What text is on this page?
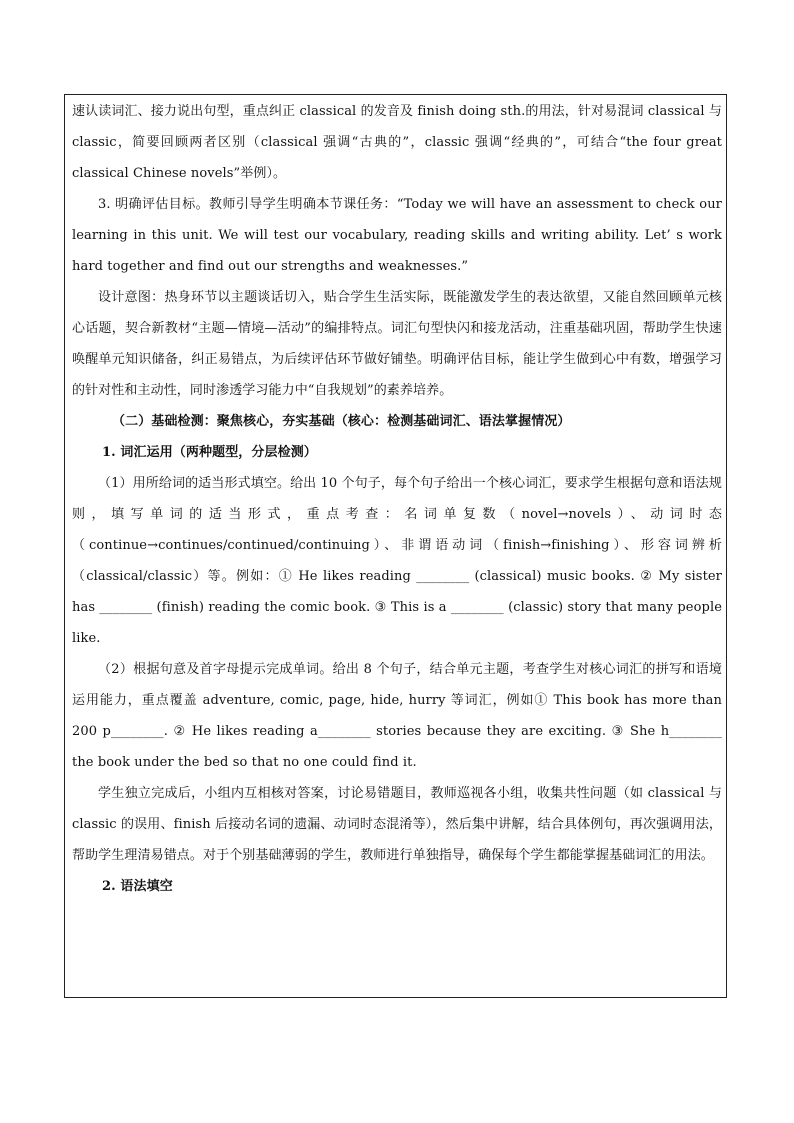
速认读词汇、接力说出句型，重点纠正 classical 的发音及 finish doing sth.的用法，针对易混词 classical 与 classic，简要回顾两者区别（classical 强调“古典的”，classic 强调“经典的”，可结合“the four great classical Chinese novels”举例）。

3. 明确评估目标。教师引导学生明确本节课任务：“Today we will have an assessment to check our learning in this unit. We will test our vocabulary, reading skills and writing ability. Let’ s work hard together and find out our strengths and weaknesses.”

设计意图：热身环节以主题谈话切入，贴合学生生活实际，既能激发学生的表达欲望，又能自然回顾单元核心话题，契合新教材“主题—情境—活动”的编排特点。词汇句型快闪和接龙活动，注重基础巩固，帮助学生快速唤醒单元知识储备，纠正易错点，为后续评估环节做好铺垫。明确评估目标，能让学生做到心中有数，增强学习的针对性和主动性，同时渗透学习能力中“自我规划”的素养培养。

（二）基础检测：聚焦核心，夯实基础（核心：检测基础词汇、语法掌握情况）

1. 词汇运用（两种题型，分层检测）

（1）用所给词的适当形式填空。给出 10 个句子，每个句子给出一个核心词汇，要求学生根据句意和语法规则，填写单词的适当形式，重点考查：名词单复数（novel→novels）、动词时态（continue→continues/continued/continuing）、非谓语动词（finish→finishing）、形容词辨析（classical/classic）等。例如：① He likes reading ________ (classical) music books. ② My sister has ________ (finish) reading the comic book. ③ This is a ________ (classic) story that many people like.

（2）根据句意及首字母提示完成单词。给出 8 个句子，结合单元主题，考查学生对核心词汇的拼写和语境运用能力，重点覆盖 adventure, comic, page, hide, hurry 等词汇，例如① This book has more than 200 p________. ② He likes reading a________ stories because they are exciting. ③ She h________ the book under the bed so that no one could find it.

学生独立完成后，小组内互相核对答案，讨论易错题目，教师巡视各小组，收集共性问题（如 classical 与 classic 的误用、finish 后接动名词的遗漏、动词时态混淆等），然后集中讲解，结合具体例句，再次强调用法，帮助学生理清易错点。对于个别基础薄弱的学生，教师进行单独指导，确保每个学生都能掌握基础词汇的用法。

2. 语法填空
